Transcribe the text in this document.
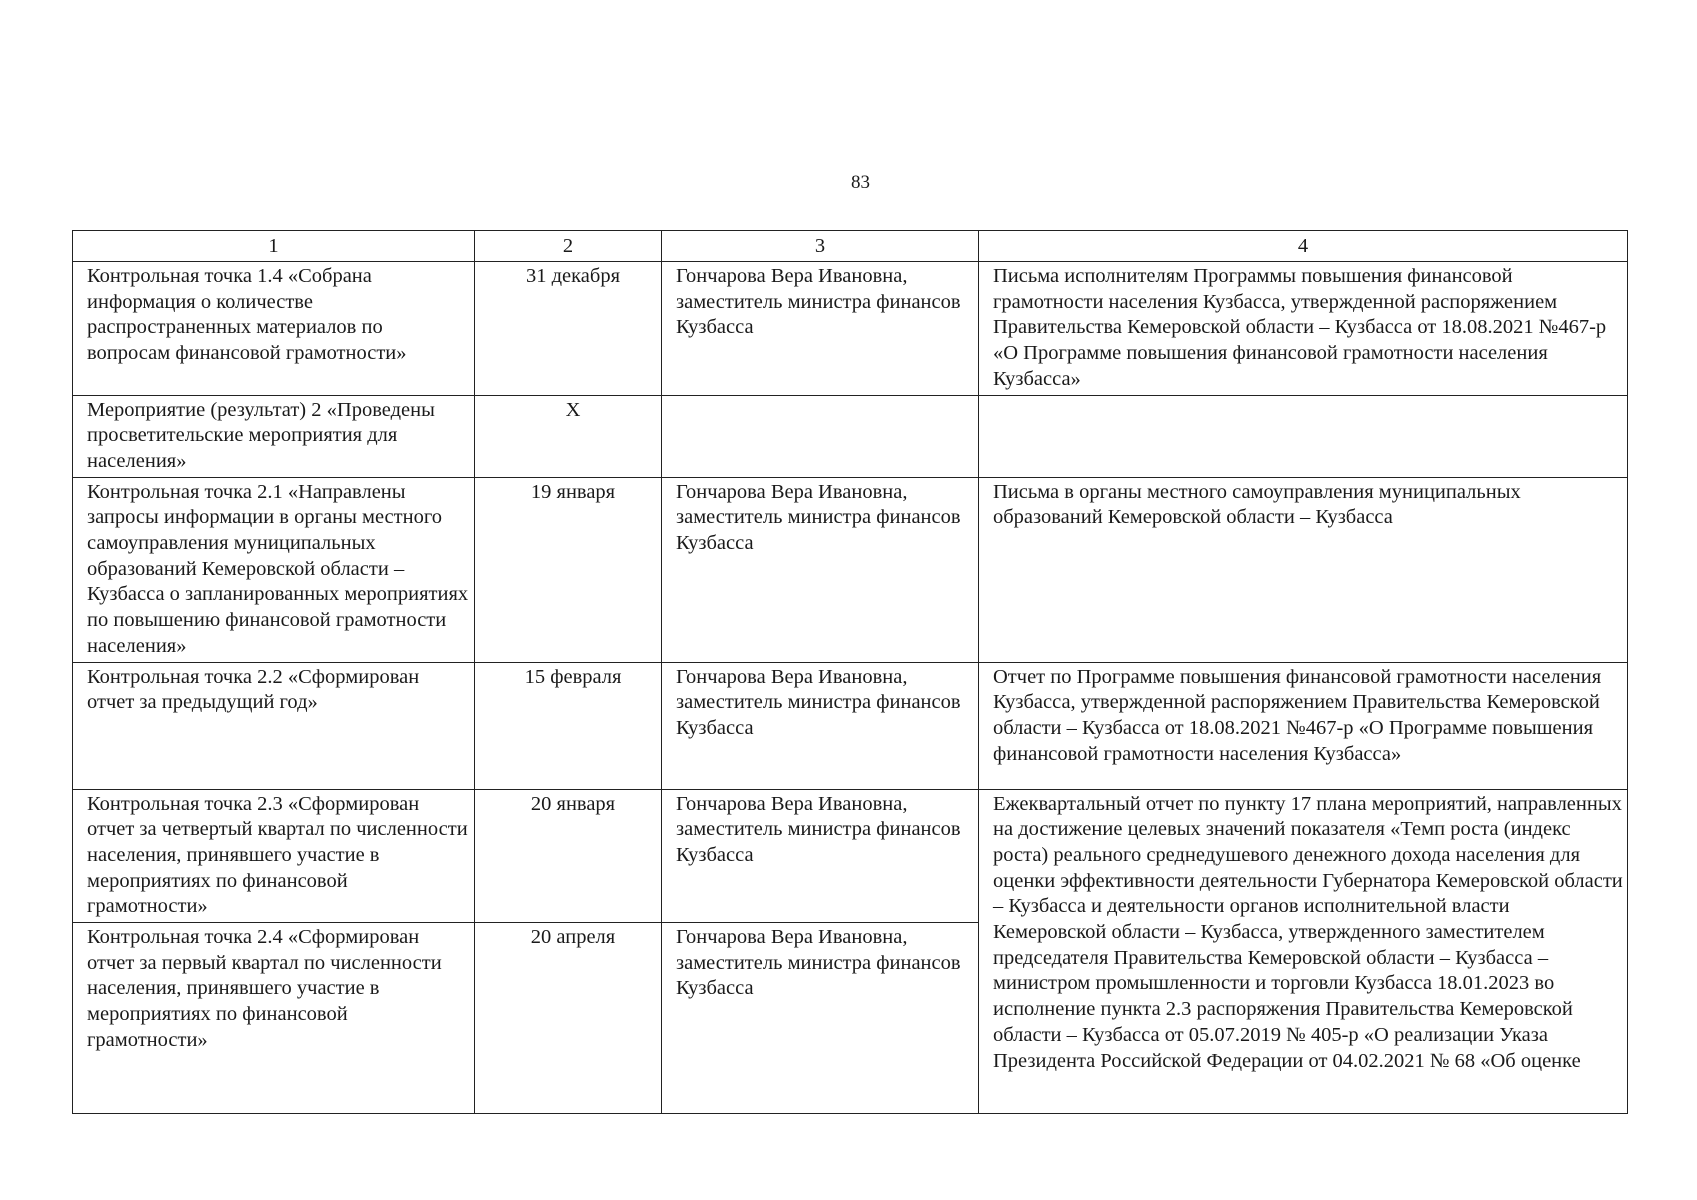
83
1	2	3	4
Контрольная точка 1.4 «Собрана информация о количестве распространенных материалов по вопросам финансовой грамотности»	31 декабря	Гончарова Вера Ивановна, заместитель министра финансов Кузбасса	Письма исполнителям Программы повышения финансовой грамотности населения Кузбасса, утвержденной распоряжением Правительства Кемеровской области – Кузбасса от 18.08.2021 №467-р «О Программе повышения финансовой грамотности населения Кузбасса»
Мероприятие (результат) 2 «Проведены просветительские мероприятия для населения»	Х		
Контрольная точка 2.1 «Направлены запросы информации в органы местного самоуправления муниципальных образований Кемеровской области – Кузбасса о запланированных мероприятиях по повышению финансовой грамотности населения»	19 января	Гончарова Вера Ивановна, заместитель министра финансов Кузбасса	Письма в органы местного самоуправления муниципальных образований Кемеровской области – Кузбасса
Контрольная точка 2.2 «Сформирован отчет за предыдущий год»	15 февраля	Гончарова Вера Ивановна, заместитель министра финансов Кузбасса	Отчет по Программе повышения финансовой грамотности населения Кузбасса, утвержденной распоряжением Правительства Кемеровской области – Кузбасса от 18.08.2021 №467-р «О Программе повышения финансовой грамотности населения Кузбасса»
Контрольная точка 2.3 «Сформирован отчет за четвертый квартал по численности населения, принявшего участие в мероприятиях по финансовой грамотности»	20 января	Гончарова Вера Ивановна, заместитель министра финансов Кузбасса	Ежеквартальный отчет по пункту 17 плана мероприятий, направленных на достижение целевых значений показателя «Темп роста (индекс роста) реального среднедушевого денежного дохода населения для оценки эффективности деятельности Губернатора Кемеровской области – Кузбасса и деятельности органов исполнительной власти Кемеровской области – Кузбасса, утвержденного заместителем председателя Правительства Кемеровской области – Кузбасса – министром промышленности и торговли Кузбасса 18.01.2023 во исполнение пункта 2.3 распоряжения Правительства Кемеровской области – Кузбасса от 05.07.2019 № 405-р «О реализации Указа Президента Российской Федерации от 04.02.2021 № 68 «Об оценке
Контрольная точка 2.4 «Сформирован отчет за первый квартал по численности населения, принявшего участие в мероприятиях по финансовой грамотности»	20 апреля	Гончарова Вера Ивановна, заместитель министра финансов Кузбасса	
